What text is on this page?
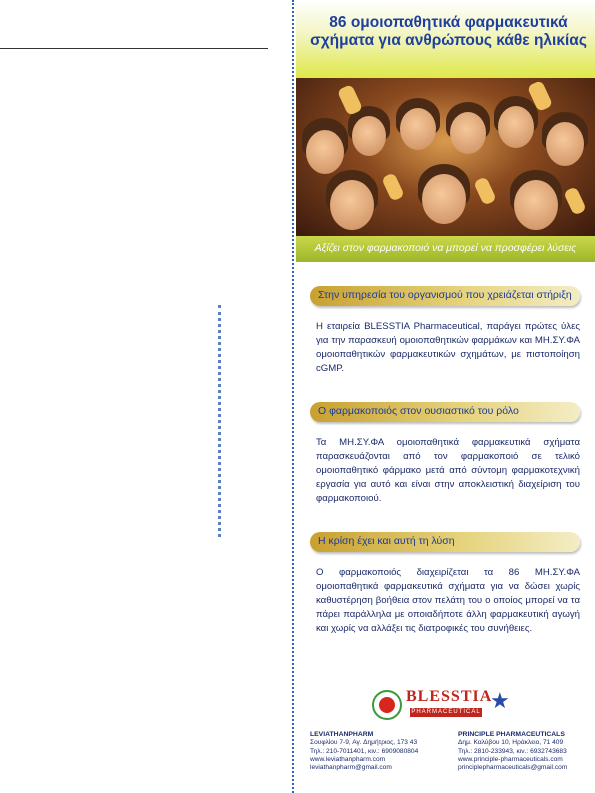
86 ομοιοπαθητικά φαρμακευτικά σχήματα για ανθρώπους κάθε ηλικίας
Αξίζει στον φαρμακοποιό να μπορεί να προσφέρει λύσεις
Στην υπηρεσία του οργανισμού που χρειάζεται στήριξη
Η εταιρεία BLESSTIA Pharmaceutical, παράγει πρώτες ύλες για την παρασκευή ομοιοπαθητικών φαρμάκων και ΜΗ.ΣΥ.ΦΑ ομοιοπαθητικών φαρμακευτικών σχημάτων, με πιστοποίηση cGMP.
Ο φαρμακοποιός στον ουσιαστικό του ρόλο
Τα ΜΗ.ΣΥ.ΦΑ ομοιοπαθητικά φαρμακευτικά σχήματα παρασκευάζονται από τον φαρμακοποιό σε τελικό ομοιοπαθητικό φάρμακο μετά από σύντομη φαρμακοτεχνική εργασία για αυτό και είναι στην αποκλειστική διαχείριση του φαρμακοποιού.
Η κρίση έχει και αυτή τη λύση
Ο φαρμακοποιός διαχειρίζεται τα 86 ΜΗ.ΣΥ.ΦΑ ομοιοπαθητικά φαρμακευτικά σχήματα για να δώσει χωρίς καθυστέρηση βοήθεια στον πελάτη του ο οποίος μπορεί να τα πάρει παράλληλα με οποιαδήποτε άλλη φαρμακευτική αγωγή και χωρίς να αλλάξει τις διατροφικές του συνήθειες.
BLESSTIA
PHARMACEUTICAL ★
LEVIATHANPHARM
Σουφλίου 7-9, Αγ. Δημήτριος, 173 43
Τηλ.: 210-7011401, κιν.: 6909080804
www.leviathanpharm.com
leviathanpharm@gmail.com
PRINCIPLE PHARMACEUTICALS
Δημ. Καλύβου 10, Ηράκλειο, 71 409
Τηλ.: 2810-233943, κιν.: 6932743683
www.principle-pharmaceuticals.com
principlepharmaceuticals@gmail.com
